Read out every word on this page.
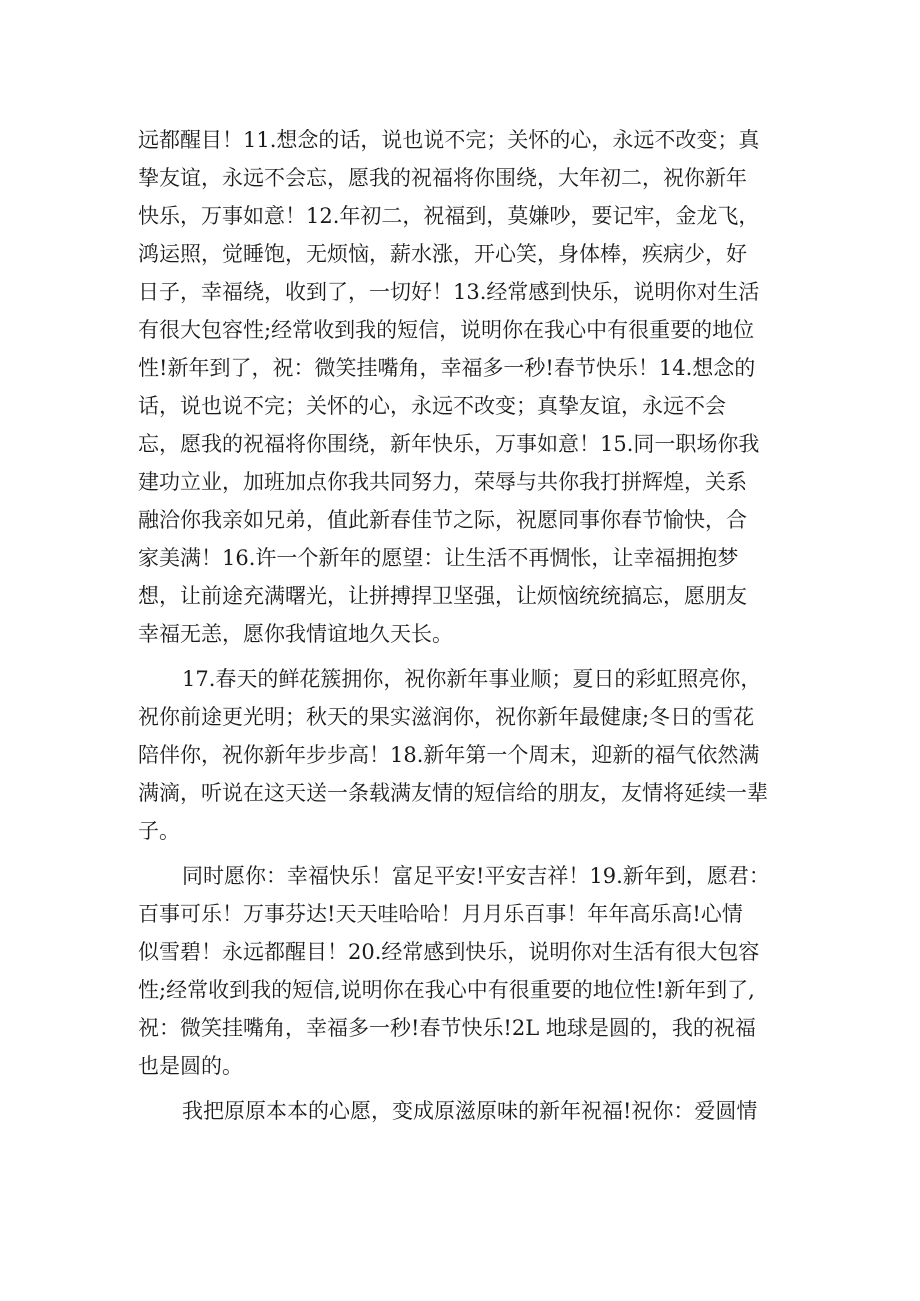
远都醒目！11.想念的话，说也说不完；关怀的心，永远不改变；真
挚友谊，永远不会忘，愿我的祝福将你围绕，大年初二，祝你新年
快乐，万事如意！12.年初二，祝福到，莫嫌吵，要记牢，金龙飞，
鸿运照，觉睡饱，无烦恼，薪水涨，开心笑，身体棒，疾病少，好
日子，幸福绕，收到了，一切好！13.经常感到快乐，说明你对生活
有很大包容性;经常收到我的短信，说明你在我心中有很重要的地位
性!新年到了，祝：微笑挂嘴角，幸福多一秒!春节快乐！14.想念的
话，说也说不完；关怀的心，永远不改变；真挚友谊，永远不会
忘，愿我的祝福将你围绕，新年快乐，万事如意！15.同一职场你我
建功立业，加班加点你我共同努力，荣辱与共你我打拼辉煌，关系
融洽你我亲如兄弟，值此新春佳节之际，祝愿同事你春节愉快，合
家美满！16.许一个新年的愿望：让生活不再惆怅，让幸福拥抱梦
想，让前途充满曙光，让拼搏捍卫坚强，让烦恼统统搞忘，愿朋友
幸福无恙，愿你我情谊地久天长。
17.春天的鲜花簇拥你，祝你新年事业顺；夏日的彩虹照亮你，
祝你前途更光明；秋天的果实滋润你，祝你新年最健康;冬日的雪花
陪伴你，祝你新年步步高！18.新年第一个周末，迎新的福气依然满
满滴，听说在这天送一条载满友情的短信给的朋友，友情将延续一辈
子。
同时愿你：幸福快乐！富足平安!平安吉祥！19.新年到，愿君：
百事可乐！万事芬达!天天哇哈哈！月月乐百事！年年高乐高!心情
似雪碧！永远都醒目！20.经常感到快乐，说明你对生活有很大包容
性;经常收到我的短信,说明你在我心中有很重要的地位性!新年到了,
祝：微笑挂嘴角，幸福多一秒!春节快乐!2L 地球是圆的，我的祝福
也是圆的。
我把原原本本的心愿，变成原滋原味的新年祝福!祝你：爱圆情
